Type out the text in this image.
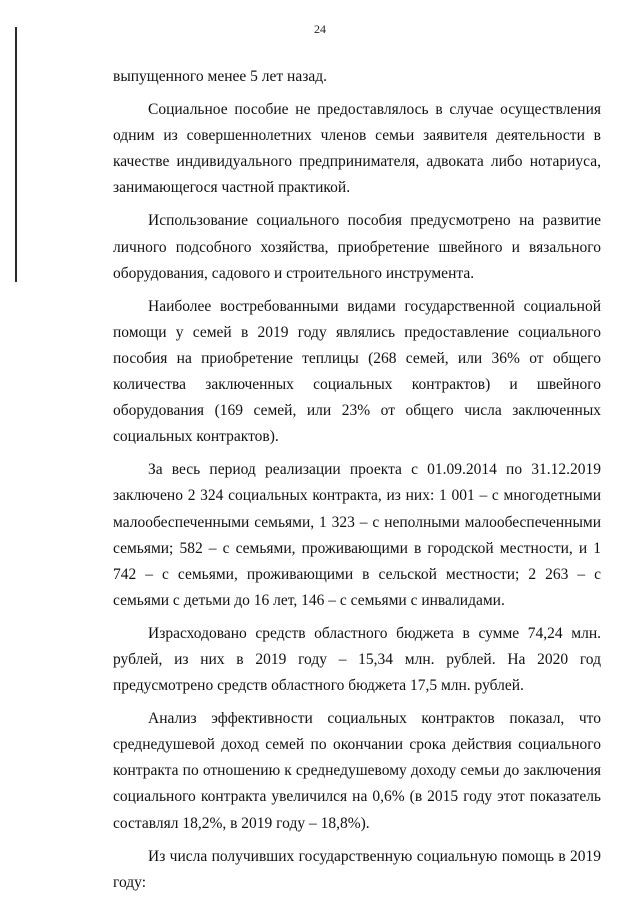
24

выпущенного менее 5 лет назад.

Социальное пособие не предоставлялось в случае осуществления одним из совершеннолетних членов семьи заявителя деятельности в качестве индивидуального предпринимателя, адвоката либо нотариуса, занимающегося частной практикой.

Использование социального пособия предусмотрено на развитие личного подсобного хозяйства, приобретение швейного и вязального оборудования, садового и строительного инструмента.

Наиболее востребованными видами государственной социальной помощи у семей в 2019 году являлись предоставление социального пособия на приобретение теплицы (268 семей, или 36% от общего количества заключенных социальных контрактов) и швейного оборудования (169 семей, или 23% от общего числа заключенных социальных контрактов).

За весь период реализации проекта с 01.09.2014 по 31.12.2019 заключено 2 324 социальных контракта, из них: 1 001 – с многодетными малообеспеченными семьями, 1 323 – с неполными малообеспеченными семьями; 582 – с семьями, проживающими в городской местности, и 1 742 – с семьями, проживающими в сельской местности; 2 263 – с семьями с детьми до 16 лет, 146 – с семьями с инвалидами.

Израсходовано средств областного бюджета в сумме 74,24 млн. рублей, из них в 2019 году – 15,34 млн. рублей. На 2020 год предусмотрено средств областного бюджета 17,5 млн. рублей.

Анализ эффективности социальных контрактов показал, что среднедушевой доход семей по окончании срока действия социального контракта по отношению к среднедушевому доходу семьи до заключения социального контракта увеличился на 0,6% (в 2015 году этот показатель составлял 18,2%, в 2019 году – 18,8%).

Из числа получивших государственную социальную помощь в 2019 году:
